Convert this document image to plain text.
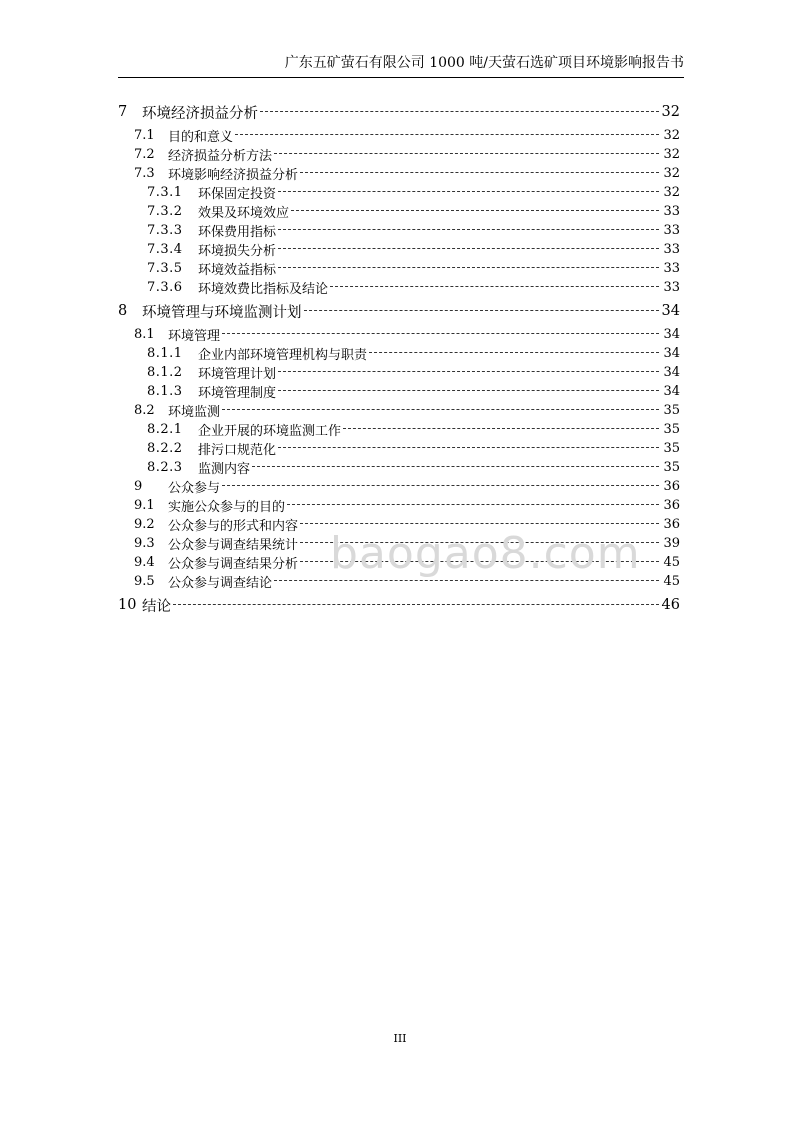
广东五矿萤石有限公司 1000 吨/天萤石选矿项目环境影响报告书
7	环境经济损益分析	32
7.1 目的和意义	32
7.2 经济损益分析方法	32
7.3 环境影响经济损益分析	32
7.3.1	环保固定投资	32
7.3.2	效果及环境效应	33
7.3.3	环保费用指标	33
7.3.4	环境损失分析	33
7.3.5	环境效益指标	33
7.3.6	环境效费比指标及结论	33
8	环境管理与环境监测计划	34
8.1 环境管理	34
8.1.1	企业内部环境管理机构与职责	34
8.1.2	环境管理计划	34
8.1.3	环境管理制度	34
8.2 环境监测	35
8.2.1	企业开展的环境监测工作	35
8.2.2	排污口规范化	35
8.2.3	监测内容	35
9	公众参与	36
9.1 实施公众参与的目的	36
9.2 公众参与的形式和内容	36
9.3 公众参与调查结果统计	39
9.4 公众参与调查结果分析	45
9.5 公众参与调查结论	45
10 结论	46
baogao8.com
III
